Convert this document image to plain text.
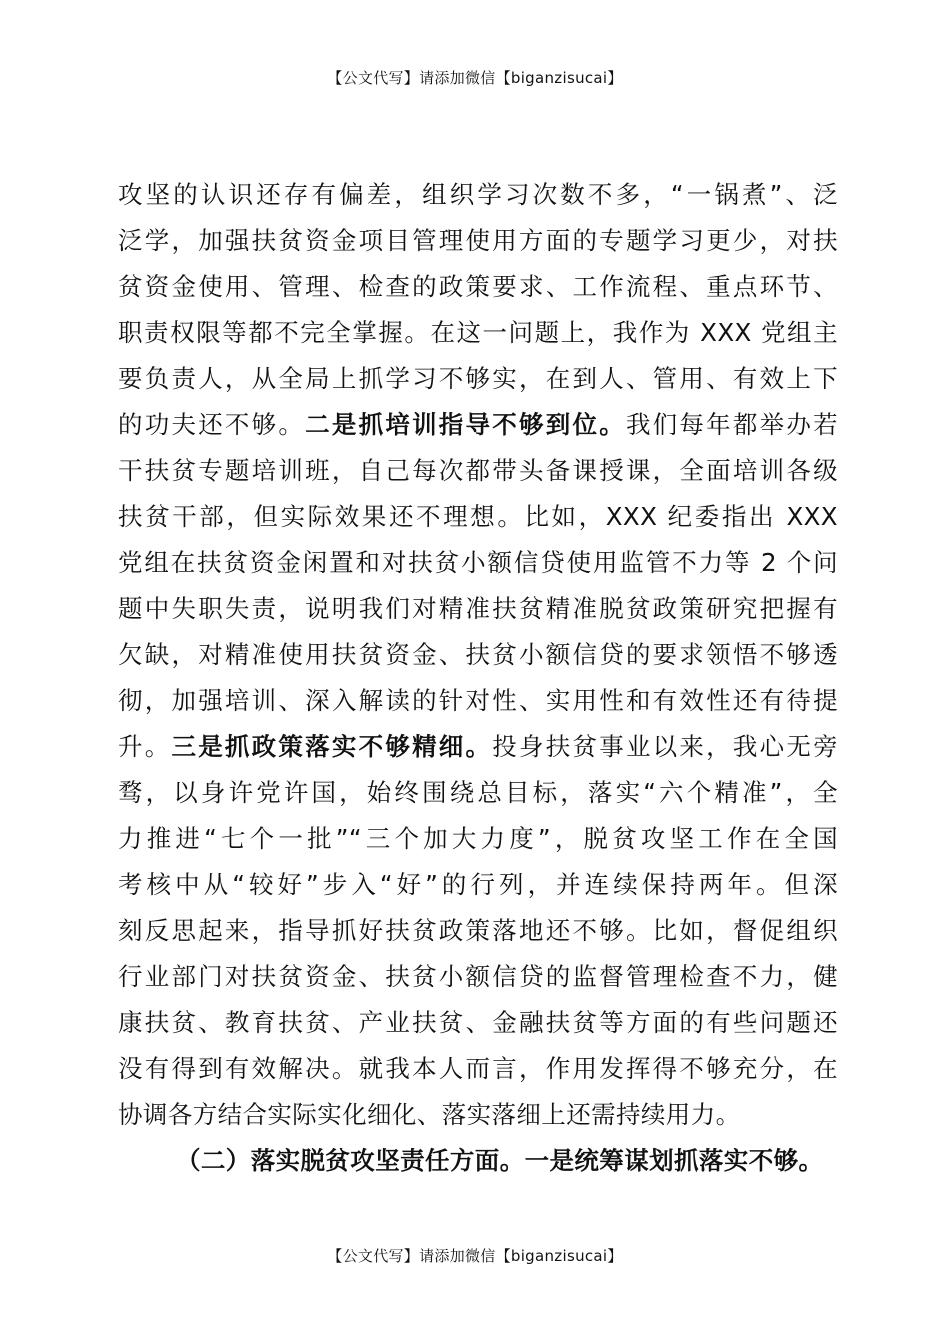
【公文代写】请添加微信【biganzisucai】
攻坚的认识还存有偏差，组织学习次数不多，“一锅煮”、泛
泛学，加强扶贫资金项目管理使用方面的专题学习更少，对扶
贫资金使用、管理、检查的政策要求、工作流程、重点环节、
职责权限等都不完全掌握。在这一问题上，我作为 XXX 党组主
要负责人，从全局上抓学习不够实，在到人、管用、有效上下
的功夫还不够。二是抓培训指导不够到位。我们每年都举办若
干扶贫专题培训班，自己每次都带头备课授课，全面培训各级
扶贫干部，但实际效果还不理想。比如，XXX 纪委指出 XXX
党组在扶贫资金闲置和对扶贫小额信贷使用监管不力等 2 个问
题中失职失责，说明我们对精准扶贫精准脱贫政策研究把握有
欠缺，对精准使用扶贫资金、扶贫小额信贷的要求领悟不够透
彻，加强培训、深入解读的针对性、实用性和有效性还有待提
升。三是抓政策落实不够精细。投身扶贫事业以来，我心无旁
骛，以身许党许国，始终围绕总目标，落实“六个精准”，全
力推进“七个一批”“三个加大力度”，脱贫攻坚工作在全国
考核中从“较好”步入“好”的行列，并连续保持两年。但深
刻反思起来，指导抓好扶贫政策落地还不够。比如，督促组织
行业部门对扶贫资金、扶贫小额信贷的监督管理检查不力，健
康扶贫、教育扶贫、产业扶贫、金融扶贫等方面的有些问题还
没有得到有效解决。就我本人而言，作用发挥得不够充分，在
协调各方结合实际实化细化、落实落细上还需持续用力。
（二）落实脱贫攻坚责任方面。一是统筹谋划抓落实不够。
【公文代写】请添加微信【biganzisucai】
